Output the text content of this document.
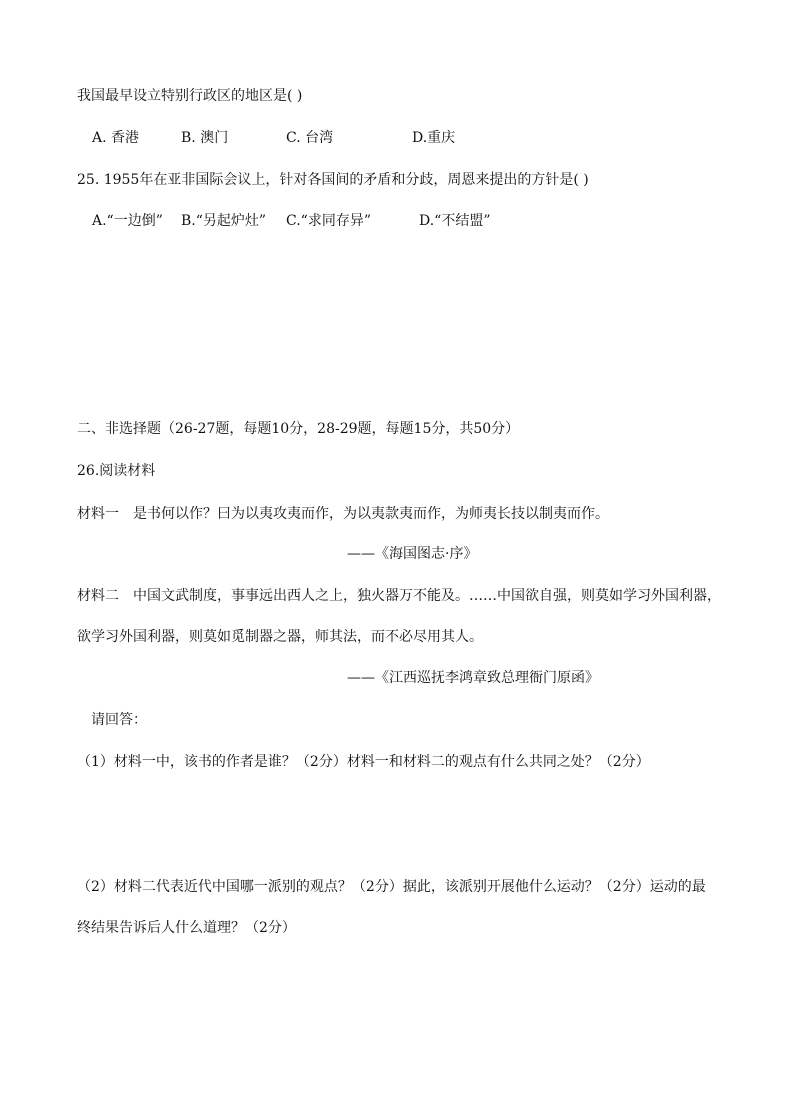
我国最早设立特别行政区的地区是( )
A. 香港	B. 澳门	C. 台湾	D.重庆
25. 1955年在亚非国际会议上，针对各国间的矛盾和分歧，周恩来提出的方针是( )
A.“一边倒” B.“另起炉灶” C.“求同存异”	D.“不结盟”
二、非选择题（26-27题，每题10分，28-29题，每题15分，共50分）
26.阅读材料
材料一　是书何以作？曰为以夷攻夷而作，为以夷款夷而作，为师夷长技以制夷而作。
——《海国图志·序》
材料二　中国文武制度，事事远出西人之上，独火器万不能及。……中国欲自强，则莫如学习外国利器，
欲学习外国利器，则莫如觅制器之器，师其法，而不必尽用其人。
——《江西巡抚李鸿章致总理衙门原函》
请回答：
（1）材料一中，该书的作者是谁？（2分）材料一和材料二的观点有什么共同之处？（2分）
（2）材料二代表近代中国哪一派别的观点？（2分）据此，该派别开展他什么运动？（2分）运动的最
终结果告诉后人什么道理？（2分）
